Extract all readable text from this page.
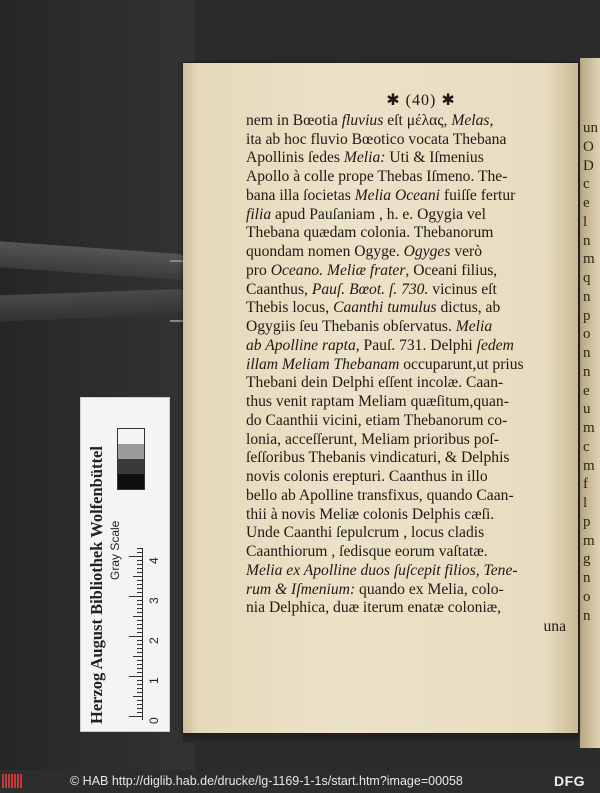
un
O
D
c
e
l
n
m
q
n
p
o
n
n
e
u
m
c
m
f
l
p
m
g
n
o
n
✱ (40) ✱
nem in Bœotia fluvius eſt μέλας, Melas,
ita ab hoc fluvio Bœotico vocata Thebana
Apollinis ſedes Melia: Uti & Iſmenius
Apollo à colle prope Thebas Iſmeno. The-
bana illa ſocietas Melia Oceani fuiſſe fertur
filia apud Pauſaniam , h. e. Ogygia vel
Thebana quædam colonia. Thebanorum
quondam nomen Ogyge. Ogyges verò
pro Oceano. Meliæ frater, Oceani filius,
Caanthus, Pauſ. Bœot. ſ. 730. vicinus eſt
Thebis locus, Caanthi tumulus dictus, ab
Ogygiis ſeu Thebanis obſervatus. Melia
ab Apolline rapta, Pauſ. 731. Delphi ſedem
illam Meliam Thebanam occuparunt,ut prius
Thebani dein Delphi eſſent incolæ. Caan-
thus venit raptam Meliam quæſitum,quan-
do Caanthii vicini, etiam Thebanorum co-
lonia, acceſſerunt, Meliam prioribus poſ-
ſeſſoribus Thebanis vindicaturi, & Delphis
novis colonis erepturi. Caanthus in illo
bello ab Apolline transfixus, quando Caan-
thii à novis Meliæ colonis Delphis cæſi.
Unde Caanthi ſepulcrum , locus cladis
Caanthiorum , ſedisque eorum vaſtatæ.
Melia ex Apolline duos ſuſcepit filios, Tene-
rum & Iſmenium: quando ex Melia, colo-
nia Delphica, duæ iterum enatæ coloniæ,
una
Herzog August Bibliothek Wolfenbüttel Gray Scale
0
1
2
3
4
© HAB http://diglib.hab.de/drucke/lg-1169-1-1s/start.htm?image=00058	DFG
